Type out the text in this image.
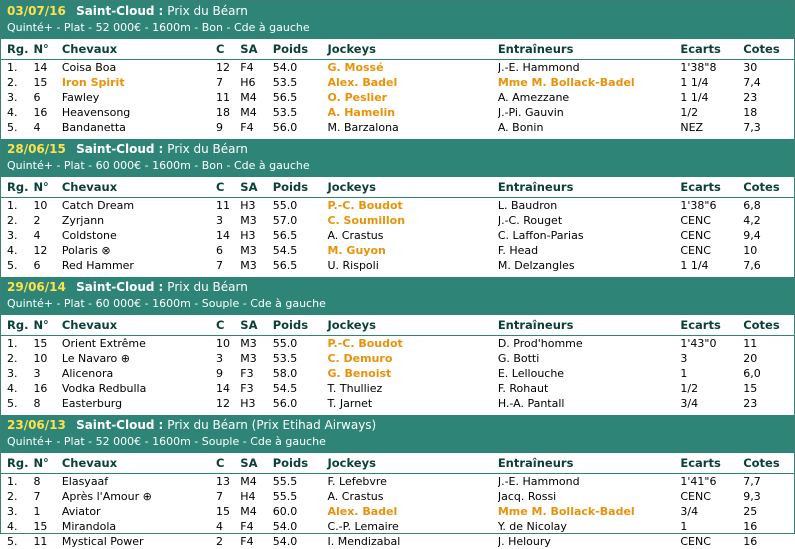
03/07/16 Saint-Cloud : Prix du Béarn
Quinté+ - Plat - 52 000€ - 1600m - Bon - Cde à gauche
Rg.	N°	Chevaux	C	SA	Poids	Jockeys	Entraîneurs	Ecarts	Cotes
1.	14	Coisa Boa	12	F4	54.0	G. Mossé	J.-E. Hammond	1'38"8	30
2.	15	Iron Spirit	7	H6	53.5	Alex. Badel	Mme M. Bollack-Badel	1 1/4	7,4
3.	6	Fawley	11	M4	56.5	O. Peslier	A. Amezzane	1 1/4	23
4.	16	Heavensong	18	M4	53.5	A. Hamelin	J.-Pi. Gauvin	1/2	18
5.	4	Bandanetta	9	F4	56.0	M. Barzalona	A. Bonin	NEZ	7,3
28/06/15 Saint-Cloud : Prix du Béarn
Quinté+ - Plat - 60 000€ - 1600m - Bon - Cde à gauche
Rg.	N°	Chevaux	C	SA	Poids	Jockeys	Entraîneurs	Ecarts	Cotes
1.	10	Catch Dream	11	H3	55.0	P.-C. Boudot	L. Baudron	1'38"6	6,8
2.	2	Zyrjann	3	M3	57.0	C. Soumillon	J.-C. Rouget	CENC	4,2
3.	4	Coldstone	14	H3	56.5	A. Crastus	C. Laffon-Parias	CENC	9,4
4.	12	Polaris ⊗	6	M3	54.5	M. Guyon	F. Head	CENC	10
5.	6	Red Hammer	7	M3	56.5	U. Rispoli	M. Delzangles	1 1/4	7,6
29/06/14 Saint-Cloud : Prix du Béarn
Quinté+ - Plat - 60 000€ - 1600m - Souple - Cde à gauche
Rg.	N°	Chevaux	C	SA	Poids	Jockeys	Entraîneurs	Ecarts	Cotes
1.	15	Orient Extrême	10	M3	55.0	P.-C. Boudot	D. Prod'homme	1'43"0	11
2.	10	Le Navaro ⊕	3	M3	53.5	C. Demuro	G. Botti	3	20
3.	3	Alicenora	9	F3	58.0	G. Benoist	E. Lellouche	1	6,0
4.	16	Vodka Redbulla	14	F3	54.5	T. Thulliez	F. Rohaut	1/2	15
5.	8	Easterburg	12	H3	56.0	T. Jarnet	H.-A. Pantall	3/4	23
23/06/13 Saint-Cloud : Prix du Béarn (Prix Etihad Airways)
Quinté+ - Plat - 52 000€ - 1600m - Souple - Cde à gauche
Rg.	N°	Chevaux	C	SA	Poids	Jockeys	Entraîneurs	Ecarts	Cotes
1.	8	Elasyaaf	13	M4	55.5	F. Lefebvre	J.-E. Hammond	1'41"6	7,7
2.	7	Après l'Amour ⊕	7	H4	55.5	A. Crastus	Jacq. Rossi	CENC	9,3
3.	1	Aviator	15	M4	60.0	Alex. Badel	Mme M. Bollack-Badel	3/4	25
4.	15	Mirandola	4	F4	54.0	C.-P. Lemaire	Y. de Nicolay	1	16
5.	11	Mystical Power	2	F4	54.0	I. Mendizabal	J. Heloury	CENC	16
